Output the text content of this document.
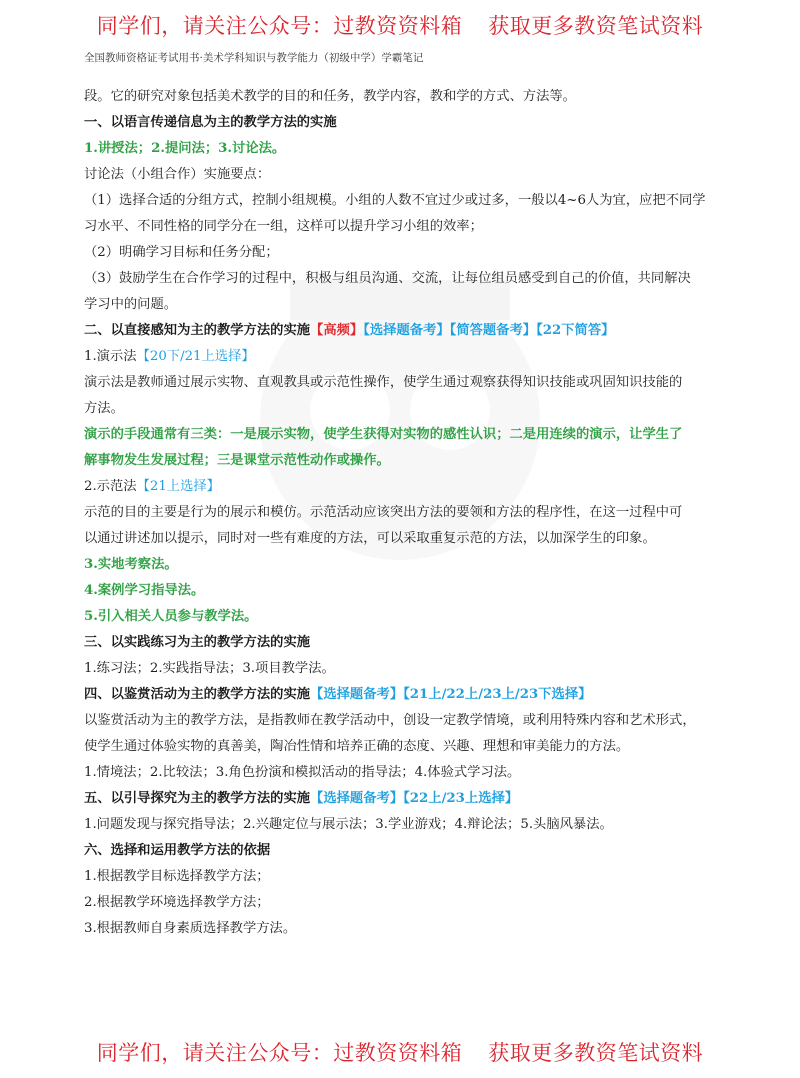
同学们，请关注公众号：过教资资料箱 获取更多教资笔试资料
全国教师资格证考试用书·美术学科知识与教学能力（初级中学）学霸笔记
段。它的研究对象包括美术教学的目的和任务，教学内容，教和学的方式、方法等。
一、以语言传递信息为主的教学方法的实施
1.讲授法；2.提问法；3.讨论法。
讨论法（小组合作）实施要点：
（1）选择合适的分组方式，控制小组规模。小组的人数不宜过少或过多，一般以4~6人为宜，应把不同学
习水平、不同性格的同学分在一组，这样可以提升学习小组的效率；
（2）明确学习目标和任务分配；
（3）鼓励学生在合作学习的过程中，积极与组员沟通、交流，让每位组员感受到自己的价值，共同解决
学习中的问题。
二、以直接感知为主的教学方法的实施【高频】【选择题备考】【简答题备考】【22下简答】
1.演示法【20下/21上选择】
演示法是教师通过展示实物、直观教具或示范性操作，使学生通过观察获得知识技能或巩固知识技能的
方法。
演示的手段通常有三类：一是展示实物，使学生获得对实物的感性认识；二是用连续的演示，让学生了
解事物发生发展过程；三是课堂示范性动作或操作。
2.示范法【21上选择】
示范的目的主要是行为的展示和模仿。示范活动应该突出方法的要领和方法的程序性，在这一过程中可
以通过讲述加以提示，同时对一些有难度的方法，可以采取重复示范的方法，以加深学生的印象。
3.实地考察法。
4.案例学习指导法。
5.引入相关人员参与教学法。
三、以实践练习为主的教学方法的实施
1.练习法；2.实践指导法；3.项目教学法。
四、以鉴赏活动为主的教学方法的实施【选择题备考】【21上/22上/23上/23下选择】
以鉴赏活动为主的教学方法，是指教师在教学活动中，创设一定教学情境，或利用特殊内容和艺术形式，
使学生通过体验实物的真善美，陶冶性情和培养正确的态度、兴趣、理想和审美能力的方法。
1.情境法；2.比较法；3.角色扮演和模拟活动的指导法；4.体验式学习法。
五、以引导探究为主的教学方法的实施【选择题备考】【22上/23上选择】
1.问题发现与探究指导法；2.兴趣定位与展示法；3.学业游戏；4.辩论法；5.头脑风暴法。
六、选择和运用教学方法的依据
1.根据教学目标选择教学方法；
2.根据教学环境选择教学方法；
3.根据教师自身素质选择教学方法。
同学们，请关注公众号：过教资资料箱 获取更多教资笔试资料
